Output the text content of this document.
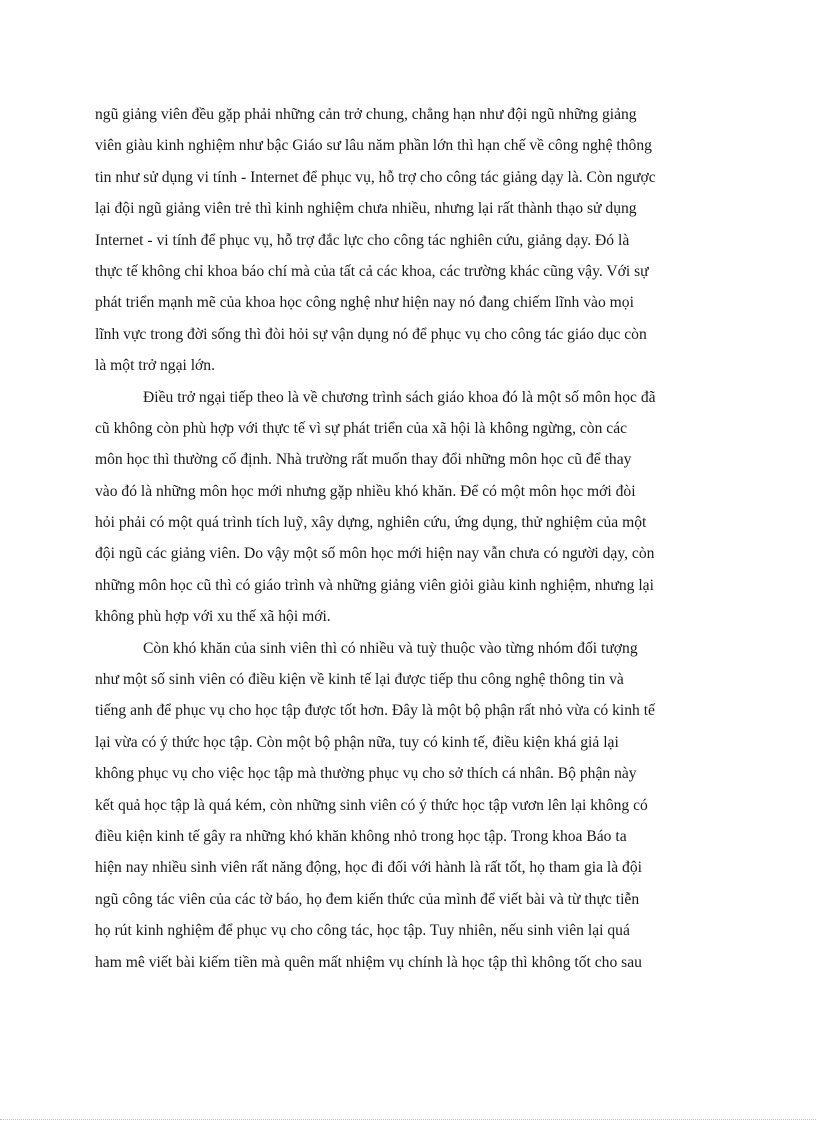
ngũ giảng viên đều gặp phải những cản trở chung, chẳng hạn như đội ngũ những giảng
viên giàu kinh nghiệm như bậc Giáo sư lâu năm phần lớn thì hạn chế về công nghệ thông
tin như sử dụng vi tính - Internet để phục vụ, hỗ trợ cho công tác giảng dạy là. Còn ngược
lại đội ngũ giảng viên trẻ thì kinh nghiệm chưa nhiều, nhưng lại rất thành thạo sử dụng
Internet - vi tính để phục vụ, hỗ trợ đắc lực cho công tác nghiên cứu, giảng dạy. Đó là
thực tế không chỉ khoa báo chí mà của tất cả các khoa, các trường khác cũng vậy. Với sự
phát triển mạnh mẽ của khoa học công nghệ như hiện nay nó đang chiếm lĩnh vào mọi
lĩnh vực trong đời sống thì đòi hỏi sự vận dụng nó để phục vụ cho công tác giáo dục còn
là một trở ngại lớn.
Điều trở ngại tiếp theo là về chương trình sách giáo khoa đó là một số môn học đã
cũ không còn phù hợp với thực tế vì sự phát triển của xã hội là không ngừng, còn các
môn học thì thường cố định. Nhà trường rất muốn thay đổi những môn học cũ để thay
vào đó là những môn học mới nhưng gặp nhiều khó khăn. Để có một môn học mới đòi
hỏi phải có một quá trình tích luỹ, xây dựng, nghiên cứu, ứng dụng, thử nghiệm của một
đội ngũ các giảng viên. Do vậy một số môn học mới hiện nay vẫn chưa có người dạy, còn
những môn học cũ thì có giáo trình và những giảng viên giỏi giàu kinh nghiệm, nhưng lại
không phù hợp với xu thế xã hội mới.
Còn khó khăn của sinh viên thì có nhiều và tuỳ thuộc vào từng nhóm đối tượng
như một số sinh viên có điều kiện về kinh tế lại được tiếp thu công nghệ thông tin và
tiếng anh để phục vụ cho học tập được tốt hơn. Đây là một bộ phận rất nhỏ vừa có kinh tế
lại vừa có ý thức học tập. Còn một bộ phận nữa, tuy có kinh tế, điều kiện khá giả lại
không phục vụ cho việc học tập mà thường phục vụ cho sở thích cá nhân. Bộ phận này
kết quả học tập là quá kém, còn những sinh viên có ý thức học tập vươn lên lại không có
điều kiện kinh tế gây ra những khó khăn không nhỏ trong học tập. Trong khoa Báo ta
hiện nay nhiều sinh viên rất năng động, học đi đối với hành là rất tốt, họ tham gia là đội
ngũ công tác viên của các tờ báo, họ đem kiến thức của mình để viết bài và từ thực tiễn
họ rút kinh nghiệm để phục vụ cho công tác, học tập. Tuy nhiên, nếu sinh viên lại quá
ham mê viết bài kiếm tiền mà quên mất nhiệm vụ chính là học tập thì không tốt cho sau
